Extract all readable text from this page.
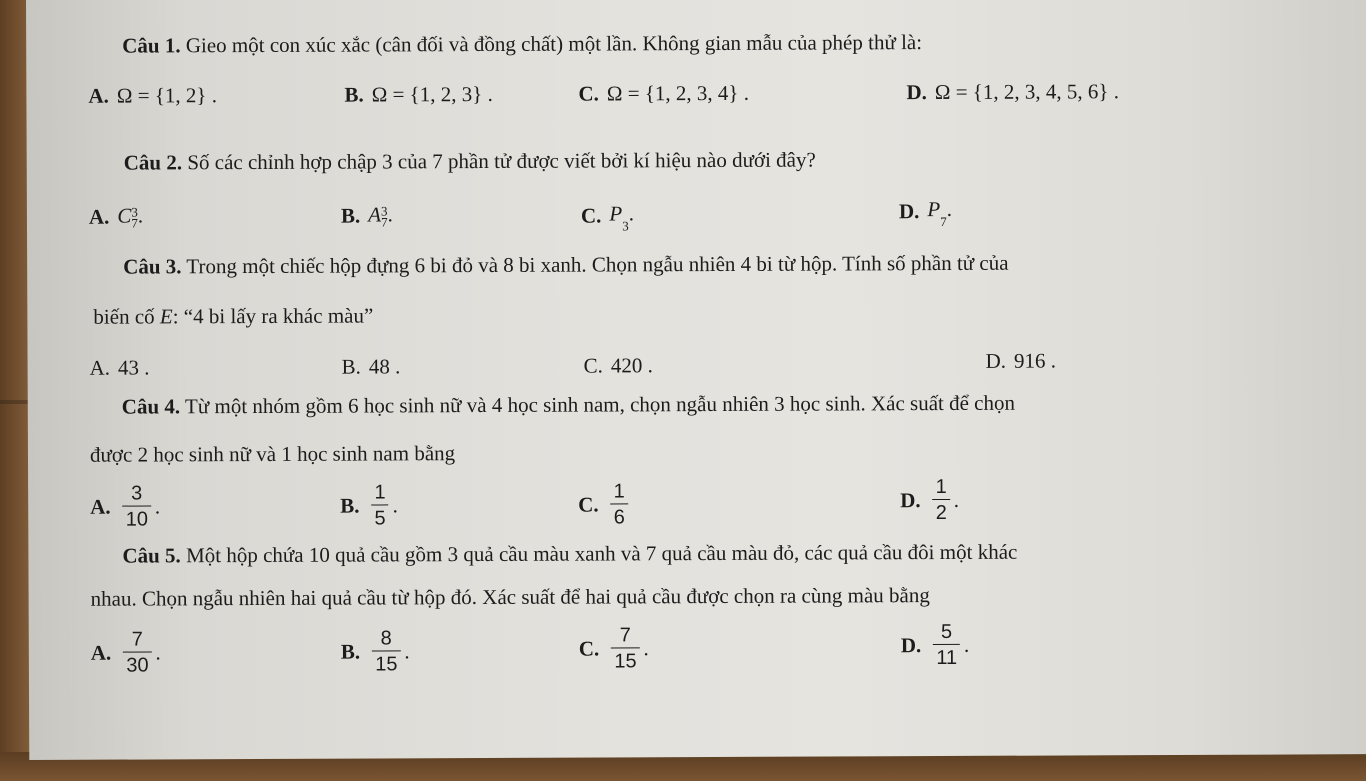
Câu 1. Gieo một con xúc xắc (cân đối và đồng chất) một lần. Không gian mẫu của phép thử là:
A. Ω = {1, 2} .	B. Ω = {1, 2, 3} .	C. Ω = {1, 2, 3, 4} .	D. Ω = {1, 2, 3, 4, 5, 6} .
Câu 2. Số các chỉnh hợp chập 3 của 7 phần tử được viết bởi kí hiệu nào dưới đây?
A. C 3
7 .	B. A 3
7 .	C. $P_3$.	D. $P_7$.
Câu 3. Trong một chiếc hộp đựng 6 bi đỏ và 8 bi xanh. Chọn ngẫu nhiên 4 bi từ hộp. Tính số phần tử của
biến cố E: “4 bi lấy ra khác màu”
A. 43 .	B. 48 .	C. 420 .	D. 916 .
Câu 4. Từ một nhóm gồm 6 học sinh nữ và 4 học sinh nam, chọn ngẫu nhiên 3 học sinh. Xác suất để chọn
được 2 học sinh nữ và 1 học sinh nam bằng
A. $\frac{3}{10}$ .	B. $\frac{1}{5}$ .	C. $\frac{1}{6}$	D. $\frac{1}{2}$ .
Câu 5. Một hộp chứa 10 quả cầu gồm 3 quả cầu màu xanh và 7 quả cầu màu đỏ, các quả cầu đôi một khác
nhau. Chọn ngẫu nhiên hai quả cầu từ hộp đó. Xác suất để hai quả cầu được chọn ra cùng màu bằng
A. $\frac{7}{30}$ .	B. $\frac{8}{15}$ .	C. $\frac{7}{15}$ .	D. $\frac{5}{11}$ .
